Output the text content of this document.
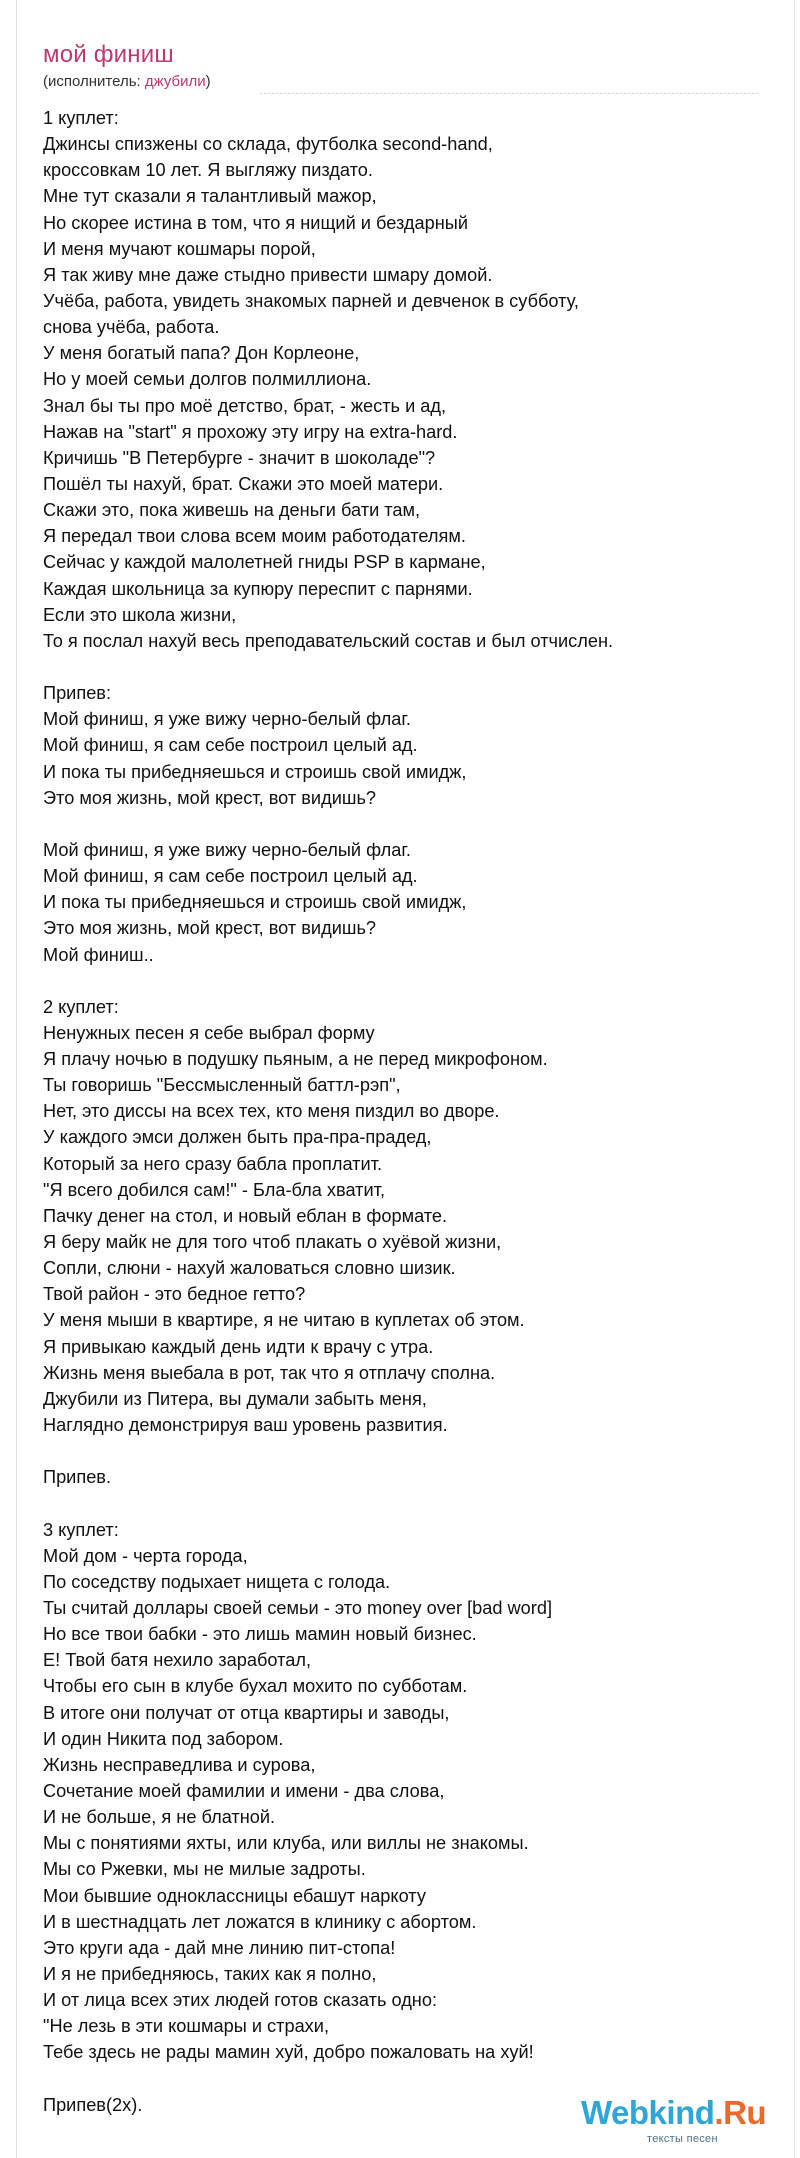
мой финиш
(исполнитель: джубили)
1 куплет:
Джинсы спизжены со склада, футболка second-hand,
кроссовкам 10 лет. Я выгляжу пиздато.
Мне тут сказали я талантливый мажор,
Но скорее истина в том, что я нищий и бездарный
И меня мучают кошмары порой,
Я так живу мне даже стыдно привести шмару домой.
Учёба, работа, увидеть знакомых парней и девченок в субботу,
снова учёба, работа.
У меня богатый папа? Дон Корлеоне,
Но у моей семьи долгов полмиллиона.
Знал бы ты про моё детство, брат, - жесть и ад,
Нажав на "start" я прохожу эту игру на extra-hard.
Кричишь "В Петербурге - значит в шоколаде"?
Пошёл ты нахуй, брат. Скажи это моей матери.
Скажи это, пока живешь на деньги бати там,
Я передал твои слова всем моим работодателям.
Сейчас у каждой малолетней гниды PSP в кармане,
Каждая школьница за купюру переспит с парнями.
Если это школа жизни,
То я послал нахуй весь преподавательский состав и был отчислен.

Припев:
Мой финиш, я уже вижу черно-белый флаг.
Мой финиш, я сам себе построил целый ад.
И пока ты прибедняешься и строишь свой имидж,
Это моя жизнь, мой крест, вот видишь?

Мой финиш, я уже вижу черно-белый флаг.
Мой финиш, я сам себе построил целый ад.
И пока ты прибедняешься и строишь свой имидж,
Это моя жизнь, мой крест, вот видишь?
Мой финиш..

2 куплет:
Ненужных песен я себе выбрал форму
Я плачу ночью в подушку пьяным, а не перед микрофоном.
Ты говоришь "Бессмысленный баттл-рэп",
Нет, это диссы на всех тех, кто меня пиздил во дворе.
У каждого эмси должен быть пра-пра-прадед,
Который за него сразу бабла проплатит.
"Я всего добился сам!" - Бла-бла хватит,
Пачку денег на стол, и новый еблан в формате.
Я беру майк не для того чтоб плакать о хуёвой жизни,
Сопли, слюни - нахуй жаловаться словно шизик.
Твой район - это бедное гетто?
У меня мыши в квартире, я не читаю в куплетах об этом.
Я привыкаю каждый день идти к врачу с утра.
Жизнь меня выебала в рот, так что я отплачу сполна.
Джубили из Питера, вы думали забыть меня,
Наглядно демонстрируя ваш уровень развития.

Припев.

3 куплет:
Мой дом - черта города,
По соседству подыхает нищета с голода.
Ты считай доллары своей семьи - это money over [bad word]
Но все твои бабки - это лишь мамин новый бизнес.
Е! Твой батя нехило заработал,
Чтобы его сын в клубе бухал мохито по субботам.
В итоге они получат от отца квартиры и заводы,
И один Никита под забором.
Жизнь несправедлива и сурова,
Сочетание моей фамилии и имени - два слова,
И не больше, я не блатной.
Мы с понятиями яхты, или клуба, или виллы не знакомы.
Мы со Ржевки, мы не милые задроты.
Мои бывшие одноклассницы ебашут наркоту
И в шестнадцать лет ложатся в клинику с абортом.
Это круги ада - дай мне линию пит-стопа!
И я не прибедняюсь, таких как я полно,
И от лица всех этих людей готов сказать одно:
"Не лезь в эти кошмары и страхи,
Тебе здесь не рады мамин хуй, добро пожаловать на хуй!

Припев(2x).	Webkind.Ru
тексты песен
